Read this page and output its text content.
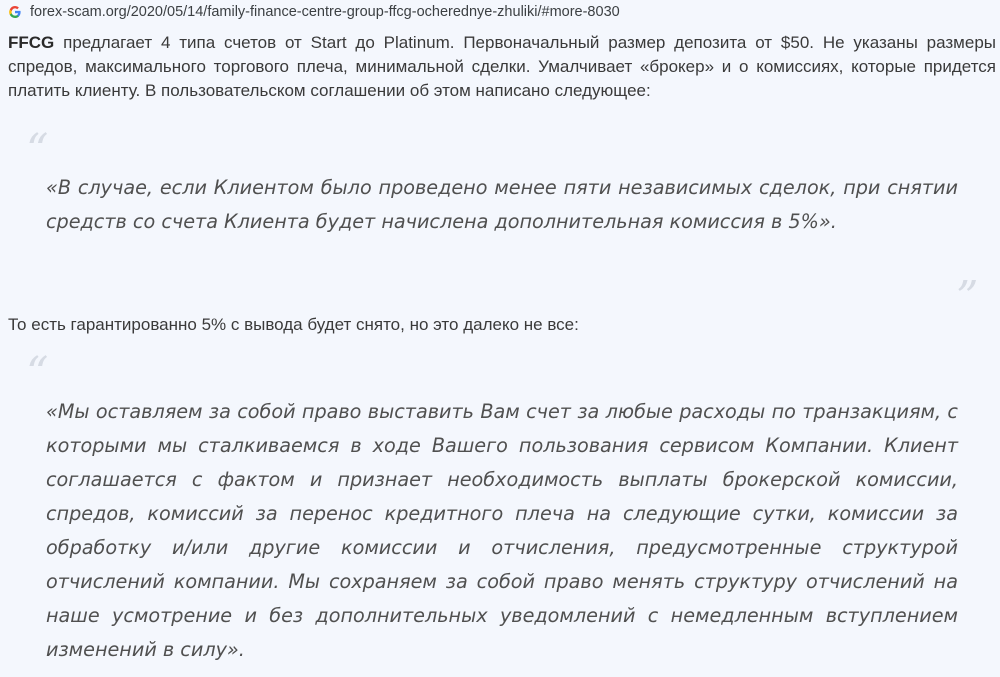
forex-scam.org/2020/05/14/family-finance-centre-group-ffcg-ocherednye-zhuliki/#more-8030
FFCG предлагает 4 типа счетов от Start до Platinum. Первоначальный размер депозита от $50. Не указаны размеры спредов, максимального торгового плеча, минимальной сделки. Умалчивает «брокер» и о комиссиях, которые придется платить клиенту. В пользовательском соглашении об этом написано следующее:
“
«В случае, если Клиентом было проведено менее пяти независимых сделок, при снятии средств со счета Клиента будет начислена дополнительная комиссия в 5%».
”
То есть гарантированно 5% с вывода будет снято, но это далеко не все:
“
«Мы оставляем за собой право выставить Вам счет за любые расходы по транзакциям, с которыми мы сталкиваемся в ходе Вашего пользования сервисом Компании. Клиент соглашается с фактом и признает необходимость выплаты брокерской комиссии, спредов, комиссий за перенос кредитного плеча на следующие сутки, комиссии за обработку и/или другие комиссии и отчисления, предусмотренные структурой отчислений компании. Мы сохраняем за собой право менять структуру отчислений на наше усмотрение и без дополнительных уведомлений с немедленным вступлением изменений в силу».
